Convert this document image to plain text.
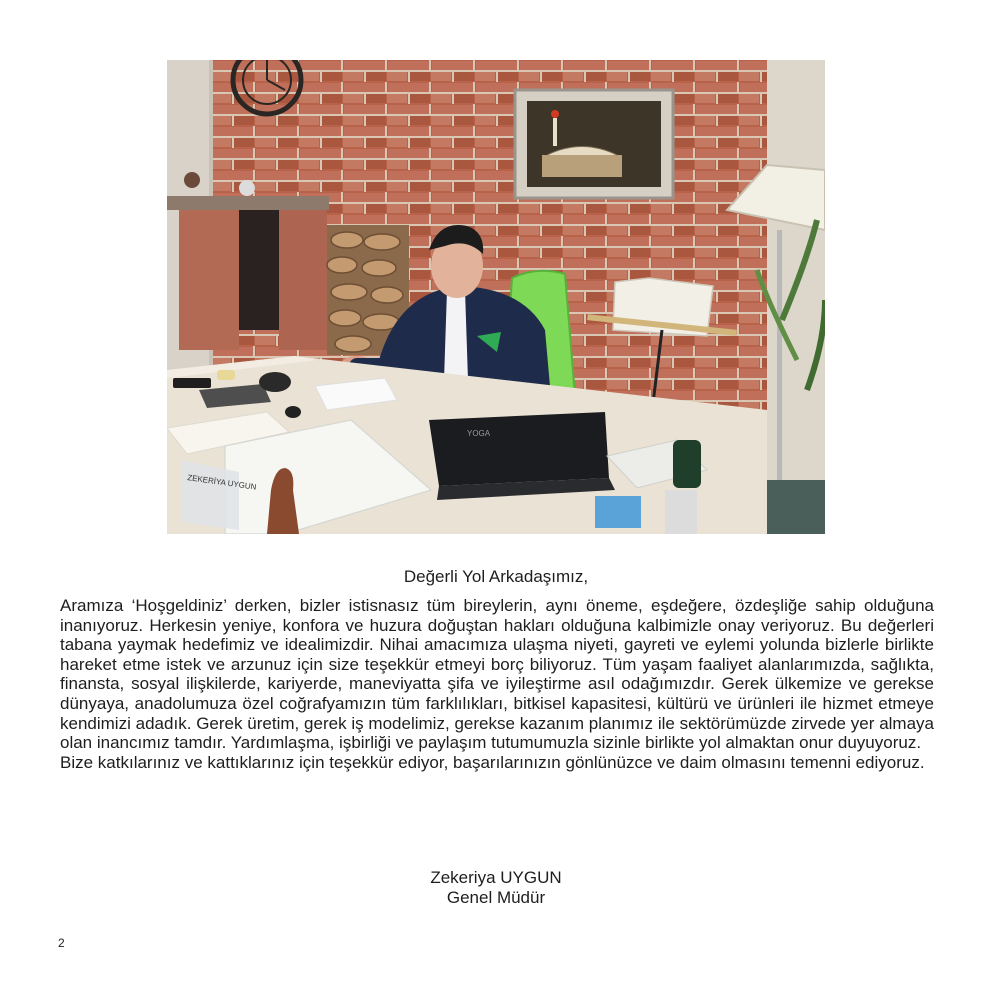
ZEKERİYA UYGUN
YOGA
Değerli Yol Arkadaşımız,

Aramıza ‘Hoşgeldiniz’ derken, bizler istisnasız tüm bireylerin, aynı öneme, eşdeğere, özdeşliğe sahip olduğuna inanıyoruz. Herkesin yeniye, konfora ve huzura doğuştan hakları olduğuna kalbimizle onay veriyoruz. Bu değerleri tabana yaymak hedefimiz ve idealimizdir. Nihai amacımıza ulaşma niyeti, gayreti ve eylemi yolunda bizlerle birlikte hareket etme istek ve arzunuz için size teşekkür etmeyi borç biliyoruz. Tüm yaşam faaliyet alanlarımızda, sağlıkta, finansta, sosyal ilişkilerde, kariyerde, maneviyatta şifa ve iyileştirme asıl odağımızdır. Gerek ülkemize ve gerekse dünyaya, anadolumuza özel coğrafyamızın tüm farklılıkları, bitkisel kapasitesi, kültürü ve ürünleri ile hizmet etmeye kendimizi adadık. Gerek üretim, gerek iş modelimiz, gerekse kazanım planımız ile sektörümüzde zirvede yer almaya olan inancımız tamdır. Yardımlaşma, işbirliği ve paylaşım tutumumuzla sizinle birlikte yol almaktan onur duyuyoruz.

Bize katkılarınız ve kattıklarınız için teşekkür ediyor, başarılarınızın gönlünüzce ve daim olmasını temenni ediyoruz.

Zekeriya UYGUN
Genel Müdür
2
